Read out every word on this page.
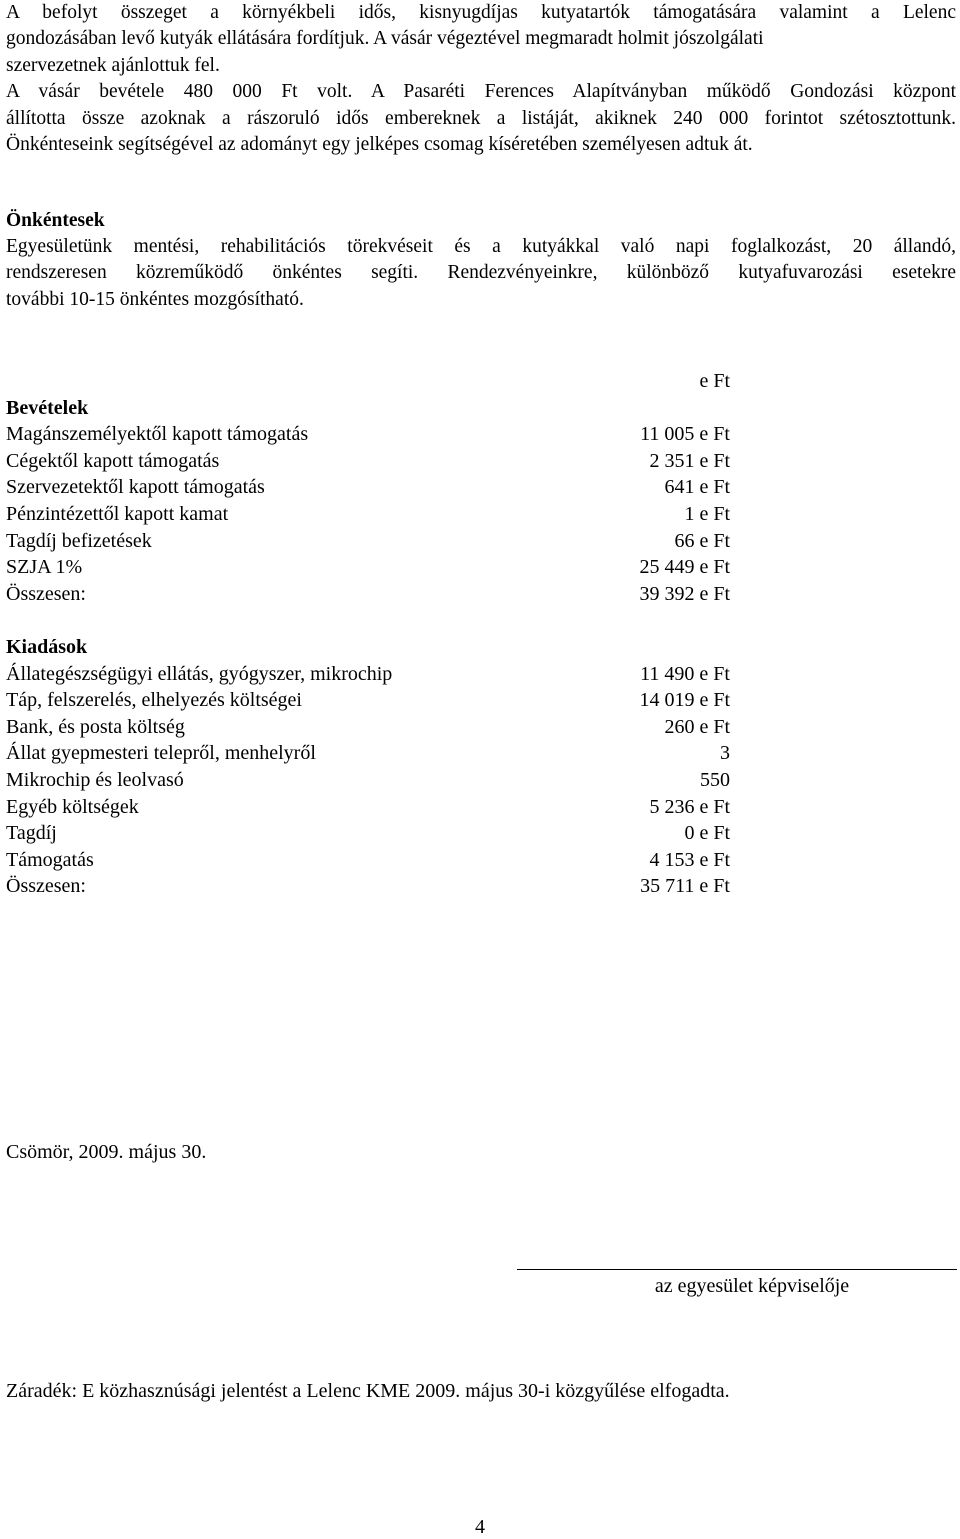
A befolyt összeget a környékbeli idős, kisnyugdíjas kutyatartók támogatására valamint a Lelenc
gondozásában levő kutyák ellátására fordítjuk. A vásár végeztével megmaradt holmit jószolgálati
szervezetnek ajánlottuk fel.
A vásár bevétele 480 000 Ft volt. A Pasaréti Ferences Alapítványban működő Gondozási központ
állította össze azoknak a rászoruló idős embereknek a listáját, akiknek 240 000 forintot szétosztottunk.
Önkénteseink segítségével az adományt egy jelképes csomag kíséretében személyesen adtuk át.
Önkéntesek
Egyesületünk mentési, rehabilitációs törekvéseit és a kutyákkal való napi foglalkozást, 20 állandó,
rendszeresen közreműködő önkéntes segíti. Rendezvényeinkre, különböző kutyafuvarozási esetekre
további 10-15 önkéntes mozgósítható.
e Ft
Bevételek
Magánszemélyektől kapott támogatás	11 005 e Ft
Cégektől kapott támogatás	2 351 e Ft
Szervezetektől kapott támogatás	641 e Ft
Pénzintézettől kapott kamat	1 e Ft
Tagdíj befizetések	66 e Ft
SZJA 1%	25 449 e Ft
Összesen:	39 392 e Ft
Kiadások
Állategészségügyi ellátás, gyógyszer, mikrochip	11 490 e Ft
Táp, felszerelés, elhelyezés költségei	14 019 e Ft
Bank, és posta költség	260 e Ft
Állat gyepmesteri telepről, menhelyről	3
Mikrochip és leolvasó	550
Egyéb költségek	5 236 e Ft
Tagdíj	0 e Ft
Támogatás	4 153 e Ft
Összesen:	35 711 e Ft
Csömör, 2009. május 30.
az egyesület képviselője
Záradék: E közhasznúsági jelentést a Lelenc KME 2009. május 30-i közgyűlése elfogadta.
4
